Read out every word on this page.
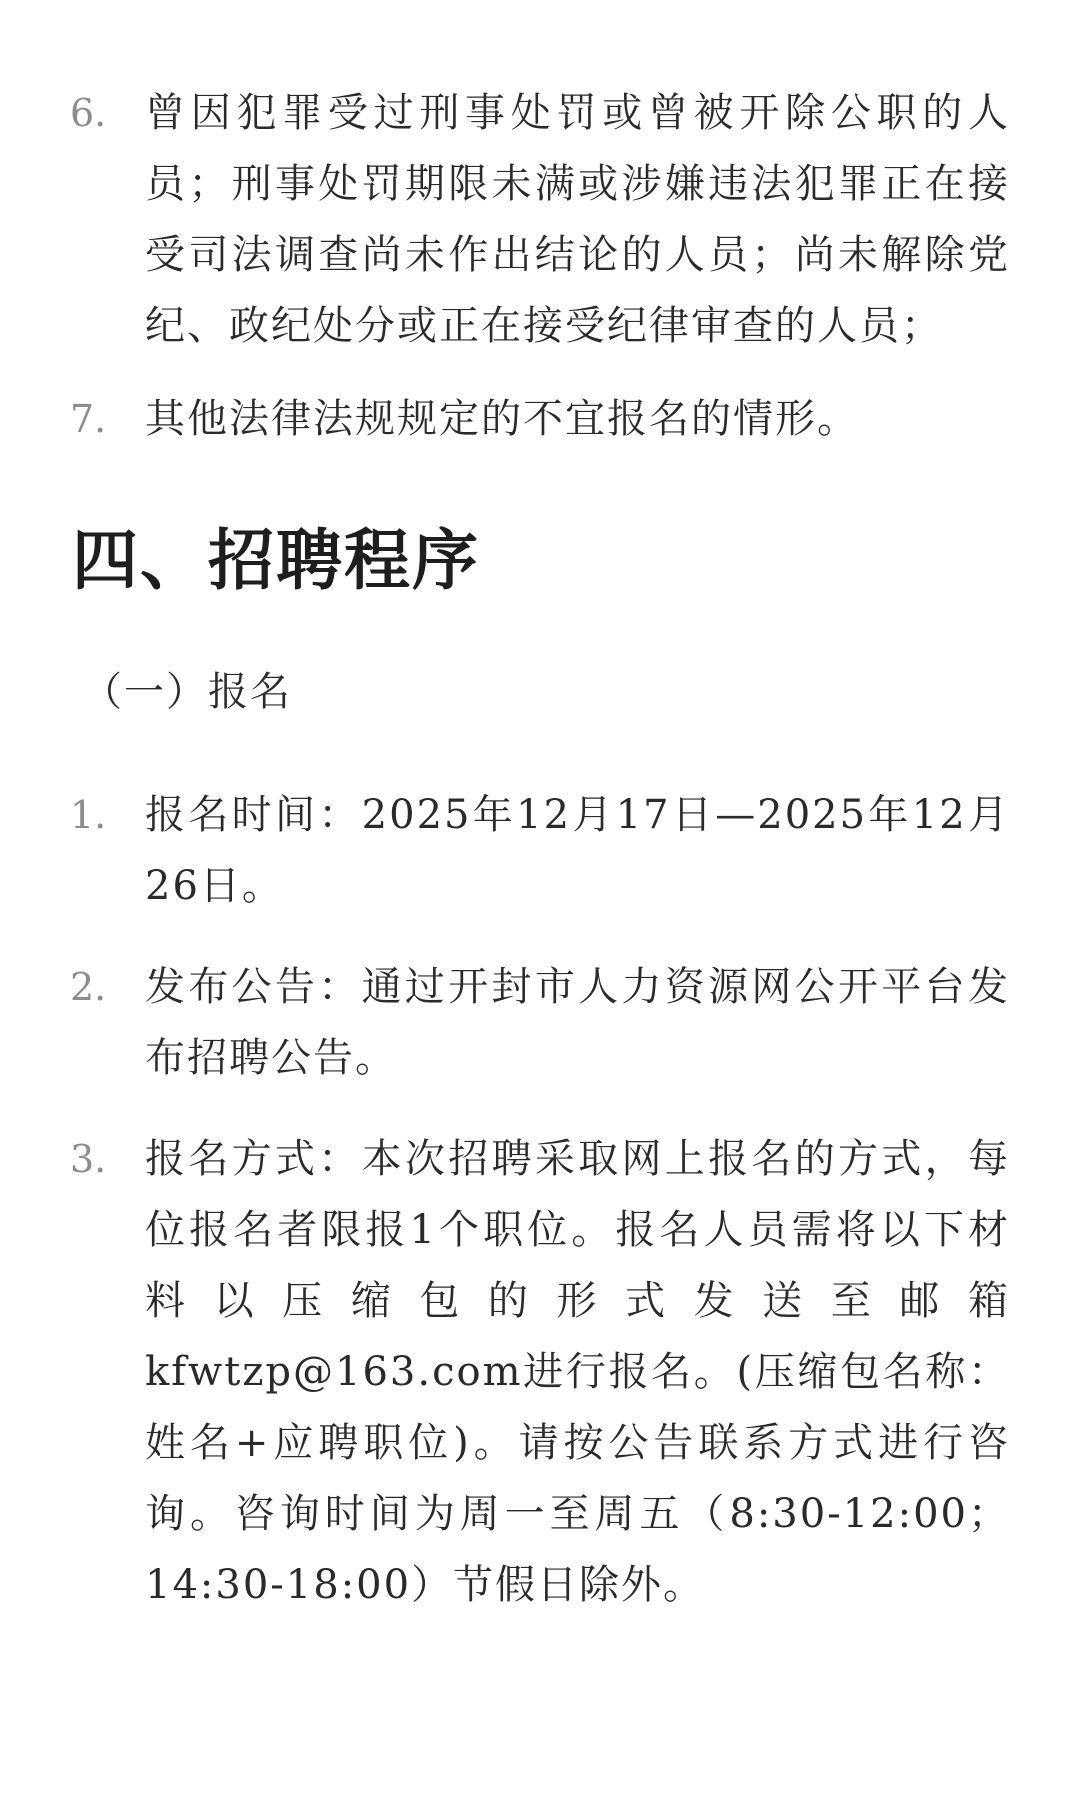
6. 曾因犯罪受过刑事处罚或曾被开除公职的人员；刑事处罚期限未满或涉嫌违法犯罪正在接受司法调查尚未作出结论的人员；尚未解除党纪、政纪处分或正在接受纪律审查的人员；
7. 其他法律法规规定的不宜报名的情形。
四、招聘程序
（一）报名
1. 报名时间：2025年12月17日—2025年12月26日。
2. 发布公告：通过开封市人力资源网公开平台发布招聘公告。
3. 报名方式：本次招聘采取网上报名的方式，每位报名者限报1个职位。报名人员需将以下材料以压缩包的形式发送至邮箱kfwtzp@163.com进行报名。(压缩包名称：姓名+应聘职位)。请按公告联系方式进行咨询。咨询时间为周一至周五（8:30-12:00；14:30-18:00）节假日除外。
